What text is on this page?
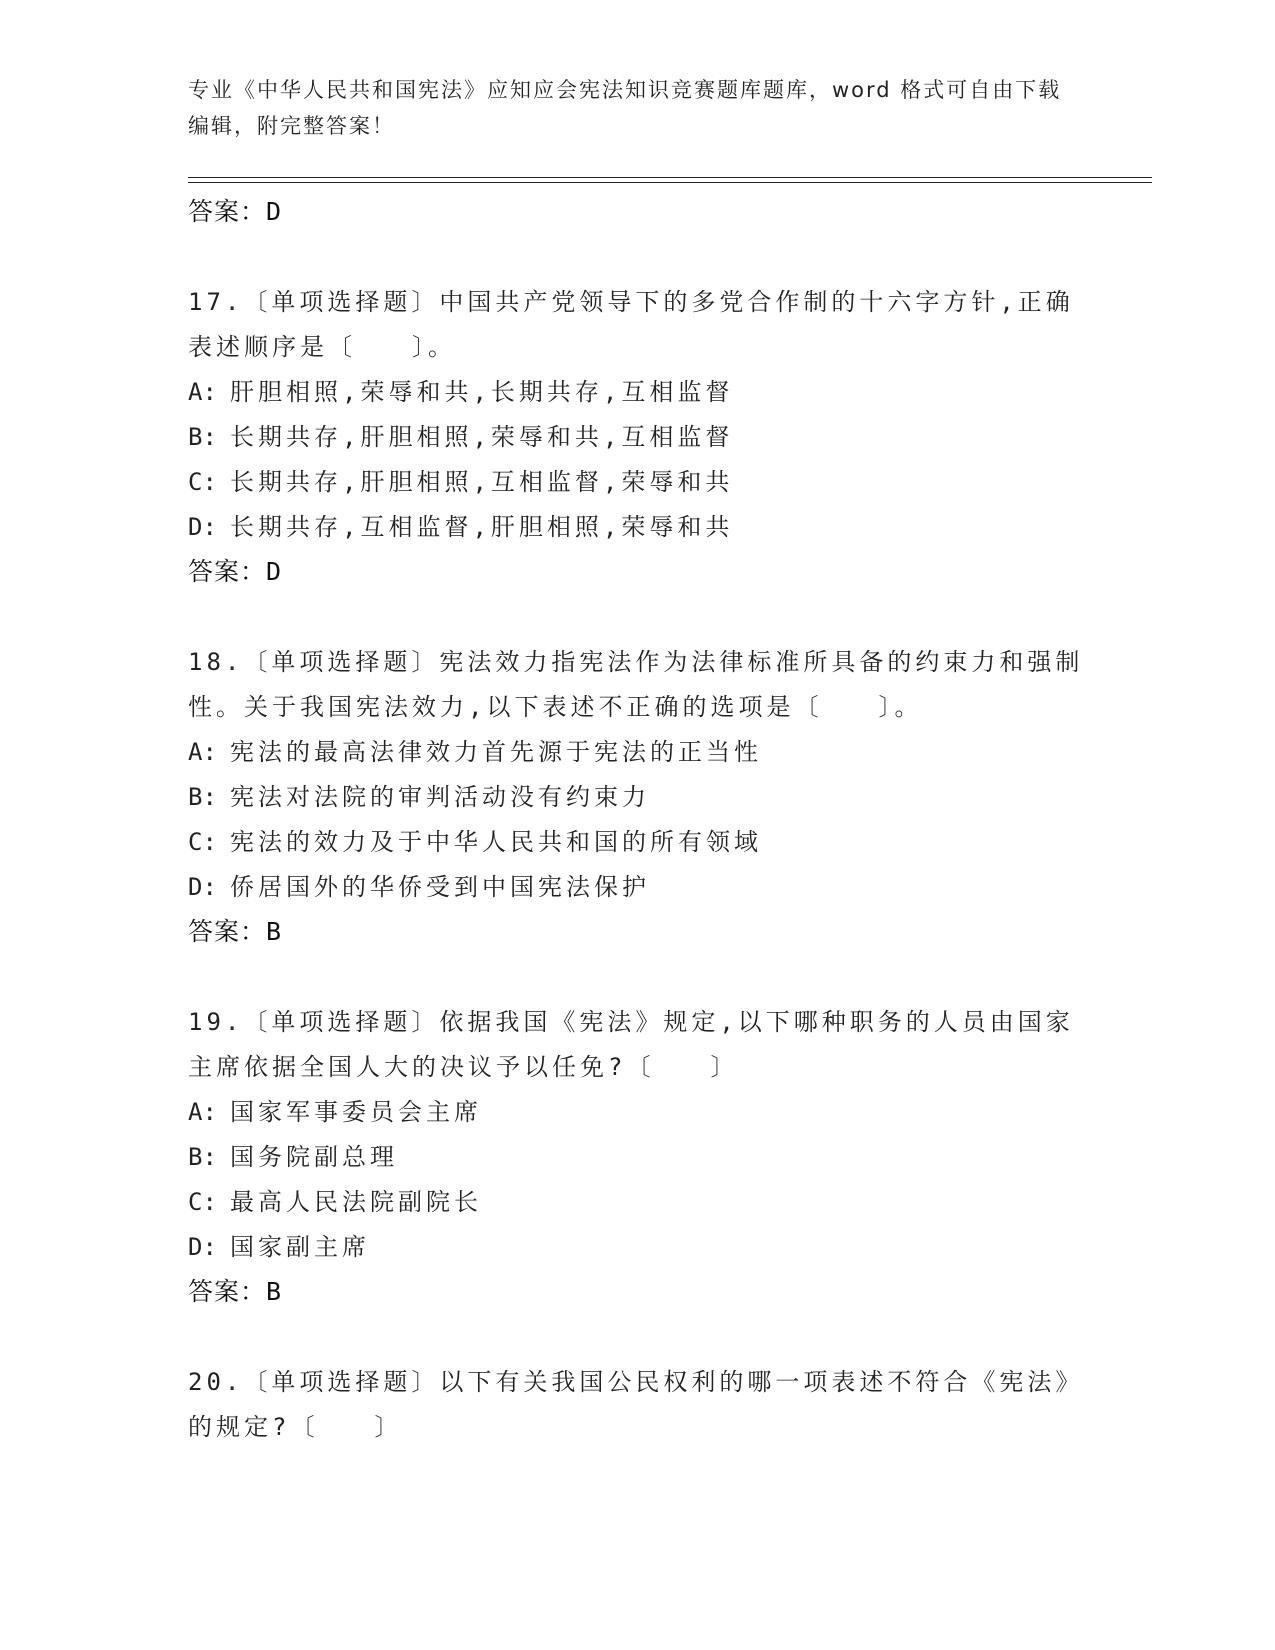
专业《中华人民共和国宪法》应知应会宪法知识竞赛题库题库，word 格式可自由下载编辑，附完整答案！
答案：D
17.〔单项选择题〕中国共产党领导下的多党合作制的十六字方针,正确表述顺序是〔　　〕。
A: 肝胆相照,荣辱和共,长期共存,互相监督
B: 长期共存,肝胆相照,荣辱和共,互相监督
C: 长期共存,肝胆相照,互相监督,荣辱和共
D: 长期共存,互相监督,肝胆相照,荣辱和共
答案：D
18.〔单项选择题〕宪法效力指宪法作为法律标准所具备的约束力和强制性。关于我国宪法效力,以下表述不正确的选项是〔　　〕。
A: 宪法的最高法律效力首先源于宪法的正当性
B: 宪法对法院的审判活动没有约束力
C: 宪法的效力及于中华人民共和国的所有领域
D: 侨居国外的华侨受到中国宪法保护
答案：B
19.〔单项选择题〕依据我国《宪法》规定,以下哪种职务的人员由国家主席依据全国人大的决议予以任免?〔　　〕
A: 国家军事委员会主席
B: 国务院副总理
C: 最高人民法院副院长
D: 国家副主席
答案：B
20.〔单项选择题〕以下有关我国公民权利的哪一项表述不符合《宪法》的规定?〔　　〕
